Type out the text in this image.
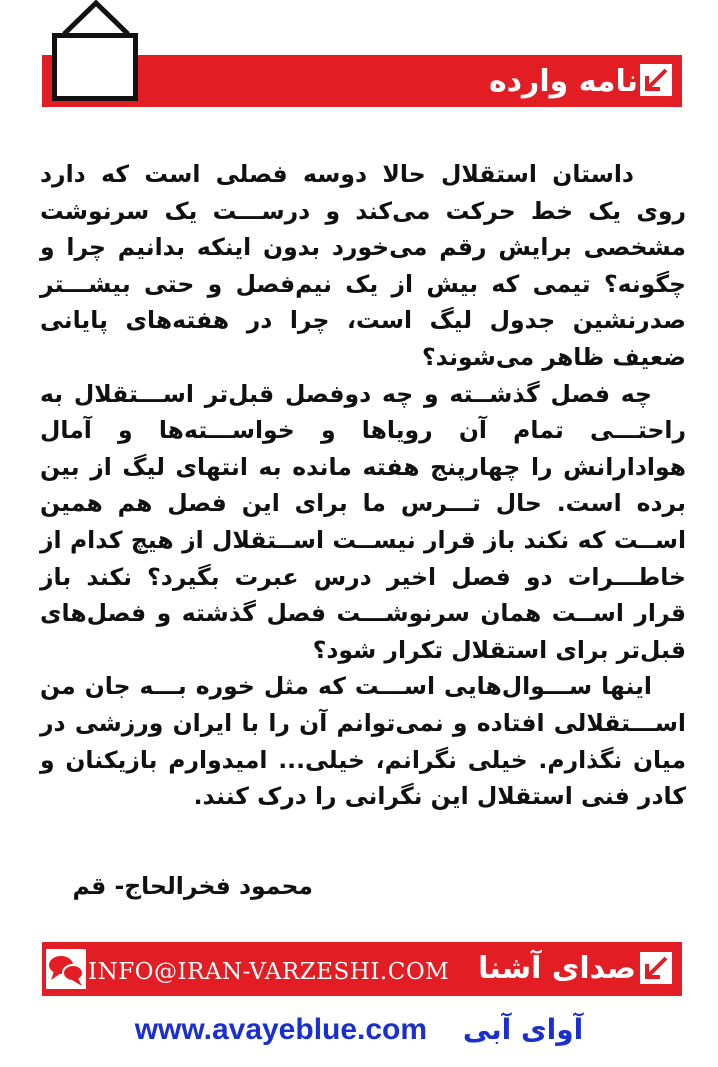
نامه وارده

داستان استقلال حالا دوسه فصلی است که دارد روی یک خط حرکت می‌کند و درســـت یک سرنوشت مشخصی برایش رقم می‌خورد بدون اینکه بدانیم چرا و چگونه؟ تیمی که بیش از یک نیم‌فصل و حتی بیشـــتر صدرنشین جدول لیگ است، چرا در هفته‌های پایانی ضعیف ظاهر می‌شوند؟

چه فصل گذشــته و چه دوفصل قبل‌تر اســـتقلال به راحتـــی تمام آن رویاها و خواســـته‌ها و آمال هوادارانش را چهارپنج هفته مانده به انتهای لیگ از بین برده است. حال تـــرس ما برای این فصل هم همین اســت که نکند باز قرار نیســت اســتقلال از هیچ کدام از خاطـــرات دو فصل اخیر درس عبرت بگیرد؟ نکند باز قرار اســت همان سرنوشـــت فصل گذشته و فصل‌های قبل‌تر برای استقلال تکرار شود؟

اینها ســـوال‌هایی اســـت که مثل خوره بـــه جان من اســـتقلالی افتاده و نمی‌توانم آن را با ایران ورزشی در میان نگذارم. خیلی نگرانم، خیلی... امیدوارم بازیکنان و کادر فنی استقلال این نگرانی را درک کنند.

محمود فخرالحاج- قم
INFO@IRAN-VARZESHI.COM صدای آشنا
www.avayeblue.com آوای آبی
